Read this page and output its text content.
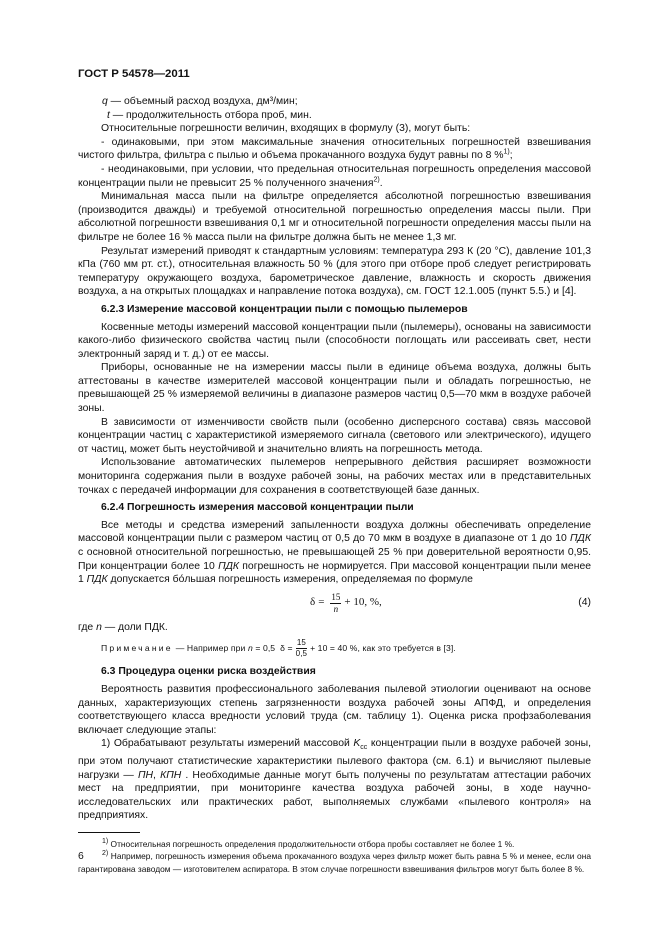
ГОСТ Р 54578—2011

q — объемный расход воздуха, дм³/мин;

t — продолжительность отбора проб, мин.

Относительные погрешности величин, входящих в формулу (3), могут быть:

- одинаковыми, при этом максимальные значения относительных погрешностей взвешивания чистого фильтра, фильтра с пылью и объема прокачанного воздуха будут равны по 8 %$^{1)}$;

- неодинаковыми, при условии, что предельная относительная погрешность определения массовой концентрации пыли не превысит 25 % полученного значения$^{2)}$.

Минимальная масса пыли на фильтре определяется абсолютной погрешностью взвешивания (производится дважды) и требуемой относительной погрешностью определения массы пыли. При абсолютной погрешности взвешивания 0,1 мг и относительной погрешности определения массы пыли на фильтре не более 16 % масса пыли на фильтре должна быть не менее 1,3 мг.

Результат измерений приводят к стандартным условиям: температура 293 К (20 °C), давление 101,3 кПа (760 мм рт. ст.), относительная влажность 50 % (для этого при отборе проб следует регистрировать температуру окружающего воздуха, барометрическое давление, влажность и скорость движения воздуха, а на открытых площадках и направление потока воздуха), см. ГОСТ 12.1.005 (пункт 5.5.) и [4].

6.2.3 Измерение массовой концентрации пыли с помощью пылемеров

Косвенные методы измерений массовой концентрации пыли (пылемеры), основаны на зависимости какого-либо физического свойства частиц пыли (способности поглощать или рассеивать свет, нести электронный заряд и т. д.) от ее массы.

Приборы, основанные не на измерении массы пыли в единице объема воздуха, должны быть аттестованы в качестве измерителей массовой концентрации пыли и обладать погрешностью, не превышающей 25 % измеряемой величины в диапазоне размеров частиц 0,5—70 мкм в воздухе рабочей зоны.

В зависимости от изменчивости свойств пыли (особенно дисперсного состава) связь массовой концентрации частиц с характеристикой измеряемого сигнала (светового или электрического), идущего от частиц, может быть неустойчивой и значительно влиять на погрешность метода.

Использование автоматических пылемеров непрерывного действия расширяет возможности мониторинга содержания пыли в воздухе рабочей зоны, на рабочих местах или в представительных точках с передачей информации для сохранения в соответствующей базе данных.

6.2.4 Погрешность измерения массовой концентрации пыли

Все методы и средства измерений запыленности воздуха должны обеспечивать определение массовой концентрации пыли с размером частиц от 0,5 до 70 мкм в воздухе в диапазоне от 1 до 10 ПДК с основной относительной погрешностью, не превышающей 25 % при доверительной вероятности 0,95. При концентрации более 10 ПДК погрешность не нормируется. При массовой концентрации пыли менее 1 ПДК допускается бо́льшая погрешность измерения, определяемая по формуле

$\delta = \frac{15}{n} + 10$, %,	(4)

где n — доли ПДК.

Примечание — Например при
n = 0,5  $\delta = \frac{15}{0,5} + 10 = 40$ %, как это требуется в [3].
6.3 Процедура оценки риска воздействия

Вероятность развития профессионального заболевания пылевой этиологии оценивают на основе данных, характеризующих степень загрязненности воздуха рабочей зоны АПФД, и определения соответствующего класса вредности условий труда (см. таблицу 1). Оценка риска профзаболевания включает следующие этапы:

1) Обрабатывают результаты измерений массовой $K_{сс}$ концентрации пыли в воздухе рабочей зоны, при этом получают статистические характеристики пылевого фактора (см. 6.1) и вычисляют пылевые нагрузки — ПН, КПН . Необходимые данные могут быть получены по результатам аттестации рабочих мест на предприятии, при мониторинге качества воздуха рабочей зоны, в ходе научно-исследовательских или практических работ, выполняемых службами «пылевого контроля» на предприятиях.

$^{1)}$ Относительная погрешность определения продолжительности отбора пробы составляет не более 1 %.

$^{2)}$ Например, погрешность измерения объема прокачанного воздуха через фильтр может быть равна 5 % и менее, если она гарантирована заводом — изготовителем аспиратора. В этом случае погрешности взвешивания фильтров могут быть более 8 %.

6
